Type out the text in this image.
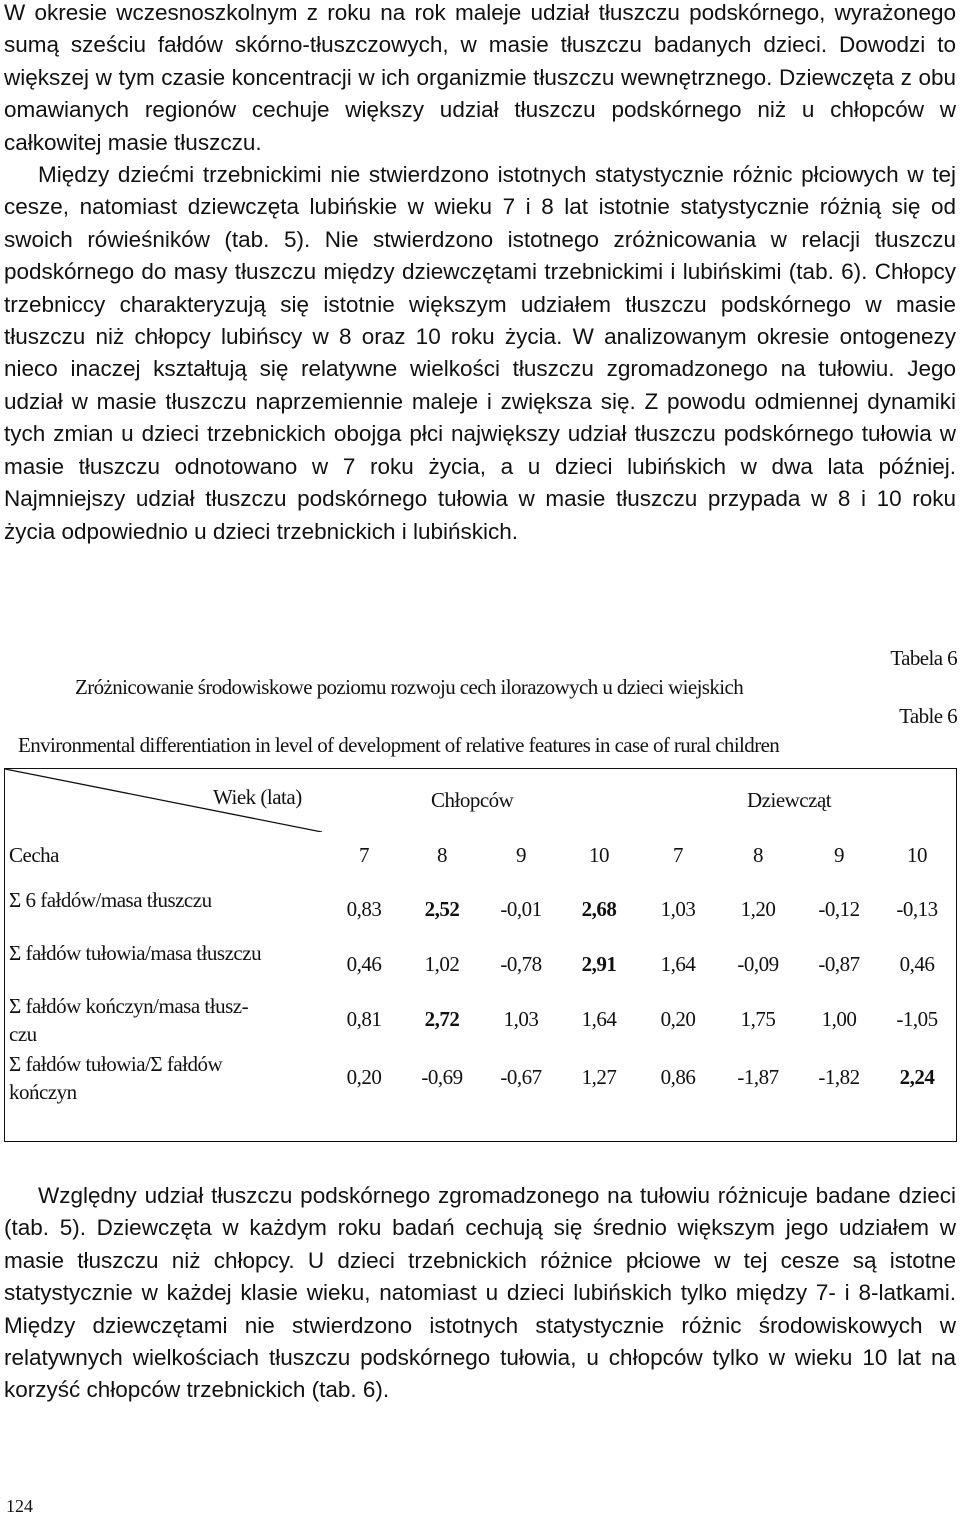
W okresie wczesnoszkolnym z roku na rok maleje udział tłuszczu podskórnego, wyrażonego sumą sześciu fałdów skórno-tłuszczowych, w masie tłuszczu badanych dzieci. Dowodzi to większej w tym czasie koncentracji w ich organizmie tłuszczu wewnętrznego. Dziewczęta z obu omawianych regionów cechuje większy udział tłuszczu podskórnego niż u chłopców w całkowitej masie tłuszczu.
Między dziećmi trzebnickimi nie stwierdzono istotnych statystycznie różnic płciowych w tej cesze, natomiast dziewczęta lubińskie w wieku 7 i 8 lat istotnie statystycznie różnią się od swoich rówieśników (tab. 5). Nie stwierdzono istotnego zróżnicowania w relacji tłuszczu podskórnego do masy tłuszczu między dziewczętami trzebnickimi i lubińskimi (tab. 6). Chłopcy trzebniccy charakteryzują się istotnie większym udziałem tłuszczu podskórnego w masie tłuszczu niż chłopcy lubińscy w 8 oraz 10 roku życia. W analizowanym okresie ontogenezy nieco inaczej kształtują się relatywne wielkości tłuszczu zgromadzonego na tułowiu. Jego udział w masie tłuszczu naprzemiennie maleje i zwiększa się. Z powodu odmiennej dynamiki tych zmian u dzieci trzebnickich obojga płci największy udział tłuszczu podskórnego tułowia w masie tłuszczu odnotowano w 7 roku życia, a u dzieci lubińskich w dwa lata później. Najmniejszy udział tłuszczu podskórnego tułowia w masie tłuszczu przypada w 8 i 10 roku życia odpowiednio u dzieci trzebnickich i lubińskich.
Tabela 6
Zróżnicowanie środowiskowe poziomu rozwoju cech ilorazowych u dzieci wiejskich
Table 6
Environmental differentiation in level of development of relative features in case of rural children
Wiek (lata)	Chłopców	Dziewcząt
Cecha	7	8	9	10	7	8	9	10
Σ 6 fałdów/masa tłuszczu	0,83	2,52	-0,01	2,68	1,03	1,20	-0,12	-0,13
Σ fałdów tułowia/masa tłuszczu	0,46	1,02	-0,78	2,91	1,64	-0,09	-0,87	0,46
Σ fałdów kończyn/masa tłusz-
czu
0,81	2,72	1,03	1,64	0,20	1,75	1,00	-1,05
Σ fałdów tułowia/Σ fałdów
kończyn
0,20	-0,69	-0,67	1,27	0,86	-1,87	-1,82	2,24
Względny udział tłuszczu podskórnego zgromadzonego na tułowiu różnicuje badane dzieci (tab. 5). Dziewczęta w każdym roku badań cechują się średnio większym jego udziałem w masie tłuszczu niż chłopcy. U dzieci trzebnickich różnice płciowe w tej cesze są istotne statystycznie w każdej klasie wieku, natomiast u dzieci lubińskich tylko między 7- i 8-latkami. Między dziewczętami nie stwierdzono istotnych statystycznie różnic środowiskowych w relatywnych wielkościach tłuszczu podskórnego tułowia, u chłopców tylko w wieku 10 lat na korzyść chłopców trzebnickich (tab. 6).
124
